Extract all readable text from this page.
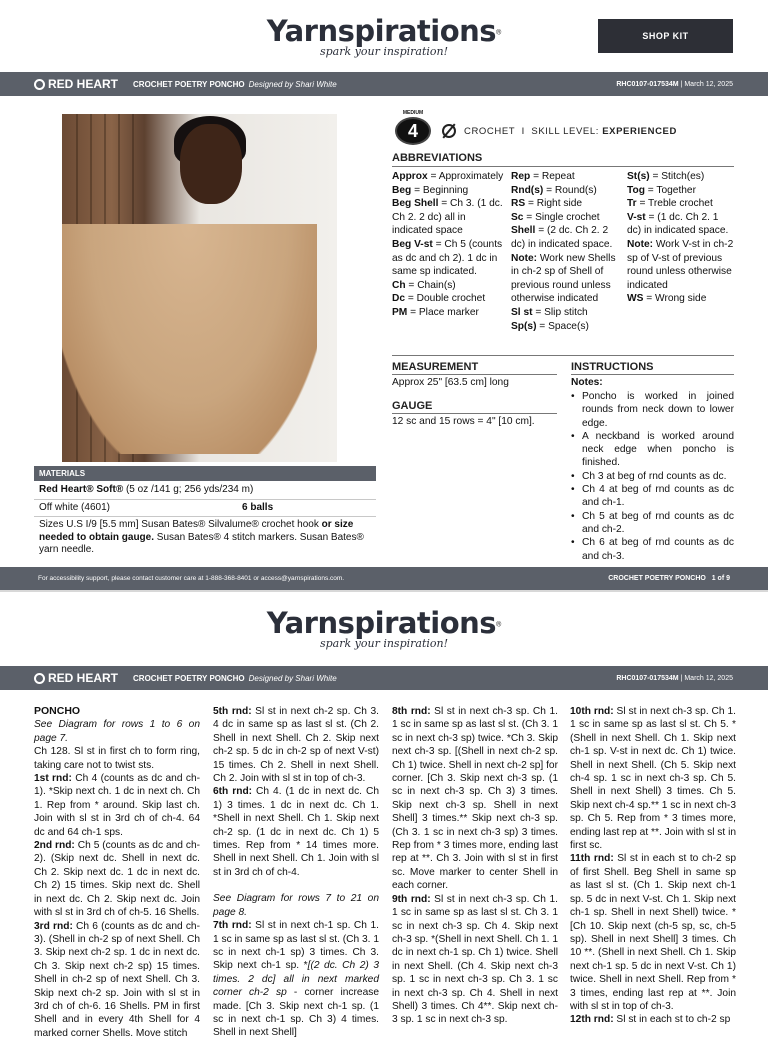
Yarnspirations®
spark your inspiration!
SHOP KIT
RED HEART CROCHET POETRY PONCHO Designed by Shari White	RHC0107-017534M | March 12, 2025
MATERIALS
Red Heart® Soft® (5 oz /141 g; 256 yds/234 m)
Off white (4601)	6 balls
Sizes U.S I/9 [5.5 mm] Susan Bates® Silvalume® crochet hook or size needed to obtain gauge. Susan Bates® 4 stitch markers. Susan Bates® yarn needle.
MEDIUM
4	CROCHET
I
SKILL LEVEL:
EXPERIENCED
ABBREVIATIONS
Approx = Approximately
Beg = Beginning
Beg Shell = Ch 3. (1 dc. Ch 2. 2 dc) all in indicated space
Beg V-st = Ch 5 (counts as dc and ch 2). 1 dc in same sp indicated.
Ch = Chain(s)
Dc = Double crochet
PM = Place marker
Rep = Repeat
Rnd(s) = Round(s)
RS = Right side
Sc = Single crochet
Shell = (2 dc. Ch 2. 2 dc) in indicated space. Note: Work new Shells in ch-2 sp of Shell of previous round unless otherwise indicated
Sl st = Slip stitch
Sp(s) = Space(s)
St(s) = Stitch(es)
Tog = Together
Tr = Treble crochet
V-st = (1 dc. Ch 2. 1 dc) in indicated space. Note: Work V-st in ch-2 sp of V-st of previous round unless otherwise indicated
WS = Wrong side
MEASUREMENT
Approx 25" [63.5 cm] long
GAUGE
12 sc and 15 rows = 4" [10 cm].
INSTRUCTIONS
Notes:
• Poncho is worked in joined rounds from neck down to lower edge.
• A neckband is worked around neck edge when poncho is finished.
• Ch 3 at beg of rnd counts as dc.
• Ch 4 at beg of rnd counts as dc and ch-1.
• Ch 5 at beg of rnd counts as dc and ch-2.
• Ch 6 at beg of rnd counts as dc and ch-3.
For accessibility support, please contact customer care at 1-888-368-8401 or access@yarnspirations.com.	CROCHET POETRY PONCHO 1 of 9
Yarnspirations®
spark your inspiration!
RED HEART CROCHET POETRY PONCHO Designed by Shari White	RHC0107-017534M | March 12, 2025
PONCHO
See Diagram for rows 1 to 6 on page 7.
Ch 128. Sl st in first ch to form ring, taking care not to twist sts.
1st rnd: Ch 4 (counts as dc and ch-1). *Skip next ch. 1 dc in next ch. Ch 1. Rep from * around. Skip last ch. Join with sl st in 3rd ch of ch-4. 64 dc and 64 ch-1 sps.
2nd rnd: Ch 5 (counts as dc and ch-2). (Skip next dc. Shell in next dc. Ch 2. Skip next dc. 1 dc in next dc. Ch 2) 15 times. Skip next dc. Shell in next dc. Ch 2. Skip next dc. Join with sl st in 3rd ch of ch-5. 16 Shells.
3rd rnd: Ch 6 (counts as dc and ch-3). (Shell in ch-2 sp of next Shell. Ch 3. Skip next ch-2 sp. 1 dc in next dc. Ch 3. Skip next ch-2 sp) 15 times. Shell in ch-2 sp of next Shell. Ch 3. Skip next ch-2 sp. Join with sl st in 3rd ch of ch-6. 16 Shells. PM in first Shell and in every 4th Shell for 4 marked corner Shells. Move stitch
5th rnd: Sl st in next ch-2 sp. Ch 3. 4 dc in same sp as last sl st. (Ch 2. Shell in next Shell. Ch 2. Skip next ch-2 sp. 5 dc in ch-2 sp of next V-st) 15 times. Ch 2. Shell in next Shell. Ch 2. Join with sl st in top of ch-3.
6th rnd: Ch 4. (1 dc in next dc. Ch 1) 3 times. 1 dc in next dc. Ch 1. *Shell in next Shell. Ch 1. Skip next ch-2 sp. (1 dc in next dc. Ch 1) 5 times. Rep from * 14 times more. Shell in next Shell. Ch 1. Join with sl st in 3rd ch of ch-4.
See Diagram for rows 7 to 21 on page 8.
7th rnd: Sl st in next ch-1 sp. Ch 1. 1 sc in same sp as last sl st. (Ch 3. 1 sc in next ch-1 sp) 3 times. Ch 3. Skip next ch-1 sp. *[(2 dc. Ch 2) 3 times. 2 dc] all in next marked corner ch-2 sp - corner increase made. [Ch 3. Skip next ch-1 sp. (1 sc in next ch-1 sp. Ch 3) 4 times. Shell in next Shell]
8th rnd: Sl st in next ch-3 sp. Ch 1. 1 sc in same sp as last sl st. (Ch 3. 1 sc in next ch-3 sp) twice. *Ch 3. Skip next ch-3 sp. [(Shell in next ch-2 sp. Ch 1) twice. Shell in next ch-2 sp] for corner. [Ch 3. Skip next ch-3 sp. (1 sc in next ch-3 sp. Ch 3) 3 times. Skip next ch-3 sp. Shell in next Shell] 3 times.** Skip next ch-3 sp. (Ch 3. 1 sc in next ch-3 sp) 3 times. Rep from * 3 times more, ending last rep at **. Ch 3. Join with sl st in first sc. Move marker to center Shell in each corner.
9th rnd: Sl st in next ch-3 sp. Ch 1. 1 sc in same sp as last sl st. Ch 3. 1 sc in next ch-3 sp. Ch 4. Skip next ch-3 sp. *(Shell in next Shell. Ch 1. 1 dc in next ch-1 sp. Ch 1) twice. Shell in next Shell. (Ch 4. Skip next ch-3 sp. 1 sc in next ch-3 sp. Ch 3. 1 sc in next ch-3 sp. Ch 4. Shell in next Shell) 3 times. Ch 4**. Skip next ch-3 sp. 1 sc in next ch-3 sp.
10th rnd: Sl st in next ch-3 sp. Ch 1. 1 sc in same sp as last sl st. Ch 5. *(Shell in next Shell. Ch 1. Skip next ch-1 sp. V-st in next dc. Ch 1) twice. Shell in next Shell. (Ch 5. Skip next ch-4 sp. 1 sc in next ch-3 sp. Ch 5. Shell in next Shell) 3 times. Ch 5. Skip next ch-4 sp.** 1 sc in next ch-3 sp. Ch 5. Rep from * 3 times more, ending last rep at **. Join with sl st in first sc.
11th rnd: Sl st in each st to ch-2 sp of first Shell. Beg Shell in same sp as last sl st. (Ch 1. Skip next ch-1 sp. 5 dc in next V-st. Ch 1. Skip next ch-1 sp. Shell in next Shell) twice. *[Ch 10. Skip next (ch-5 sp, sc, ch-5 sp). Shell in next Shell] 3 times. Ch 10 **. (Shell in next Shell. Ch 1. Skip next ch-1 sp. 5 dc in next V-st. Ch 1) twice. Shell in next Shell. Rep from * 3 times, ending last rep at **. Join with sl st in top of ch-3.
12th rnd: Sl st in each st to ch-2 sp
